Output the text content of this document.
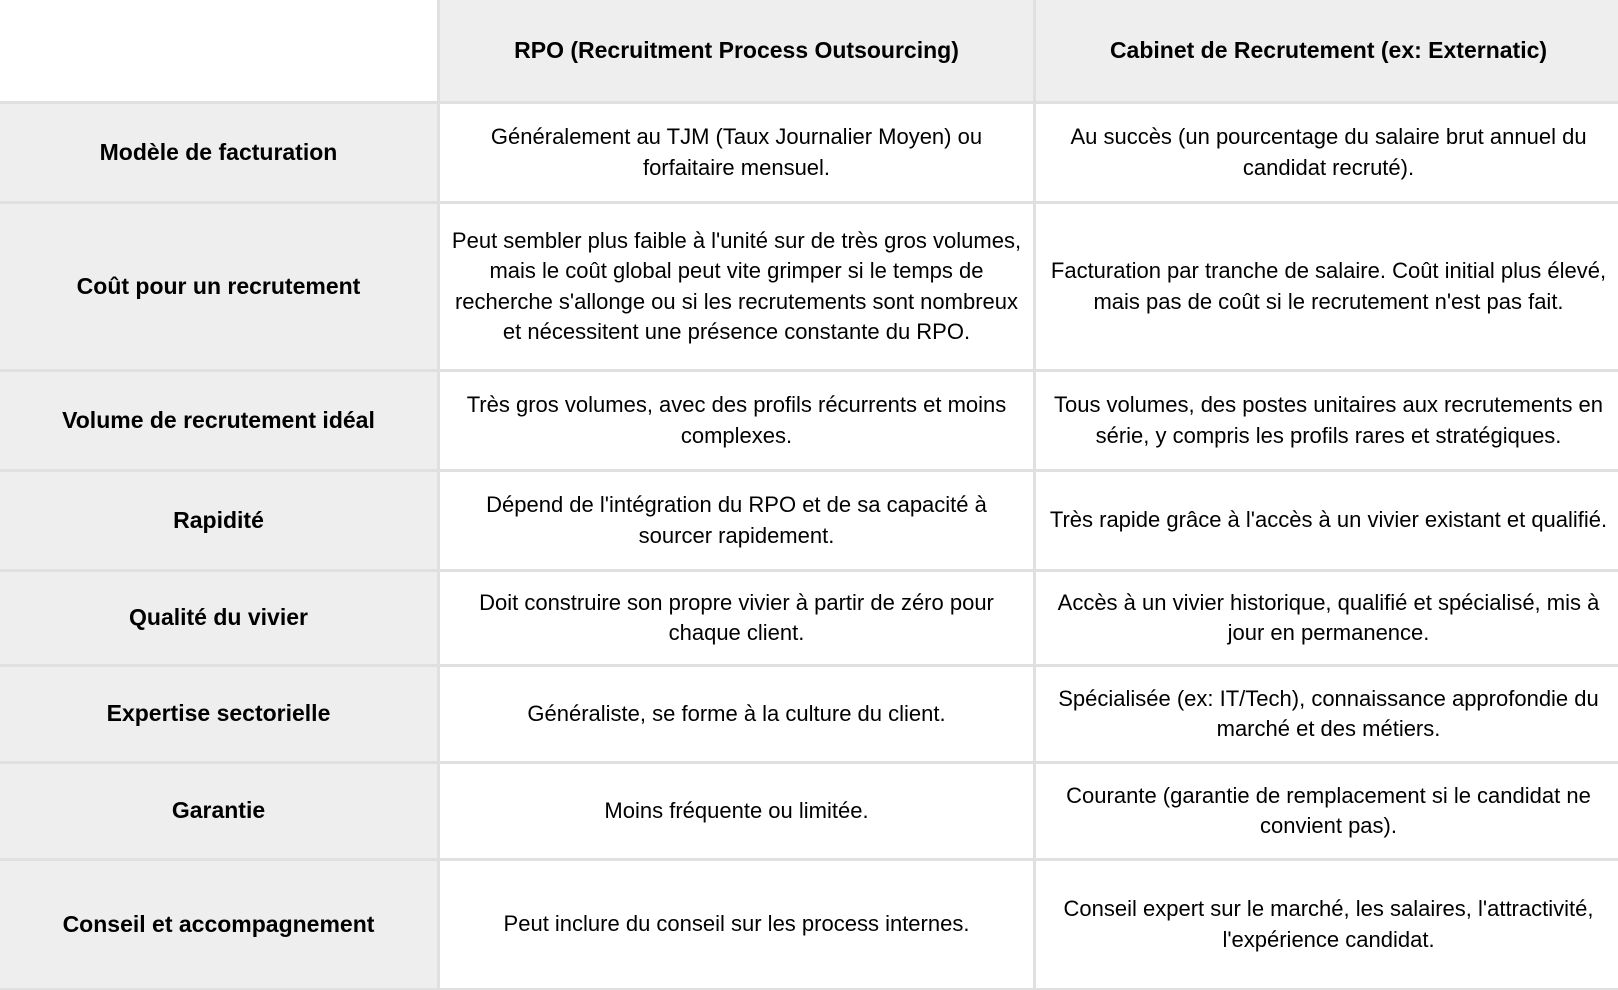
	RPO (Recruitment Process Outsourcing)	Cabinet de Recrutement (ex: Externatic)
Modèle de facturation	Généralement au TJM (Taux Journalier Moyen) ou forfaitaire mensuel.	Au succès (un pourcentage du salaire brut annuel du candidat recruté).
Coût pour un recrutement	Peut sembler plus faible à l'unité sur de très gros volumes, mais le coût global peut vite grimper si le temps de recherche s'allonge ou si les recrutements sont nombreux et nécessitent une présence constante du RPO.	Facturation par tranche de salaire. Coût initial plus élevé, mais pas de coût si le recrutement n'est pas fait.
Volume de recrutement idéal	Très gros volumes, avec des profils récurrents et moins complexes.	Tous volumes, des postes unitaires aux recrutements en série, y compris les profils rares et stratégiques.
Rapidité	Dépend de l'intégration du RPO et de sa capacité à sourcer rapidement.	Très rapide grâce à l'accès à un vivier existant et qualifié.
Qualité du vivier	Doit construire son propre vivier à partir de zéro pour chaque client.	Accès à un vivier historique, qualifié et spécialisé, mis à jour en permanence.
Expertise sectorielle	Généraliste, se forme à la culture du client.	Spécialisée (ex: IT/Tech), connaissance approfondie du marché et des métiers.
Garantie	Moins fréquente ou limitée.	Courante (garantie de remplacement si le candidat ne convient pas).
Conseil et accompagnement	Peut inclure du conseil sur les process internes.	Conseil expert sur le marché, les salaires, l'attractivité, l'expérience candidat.
